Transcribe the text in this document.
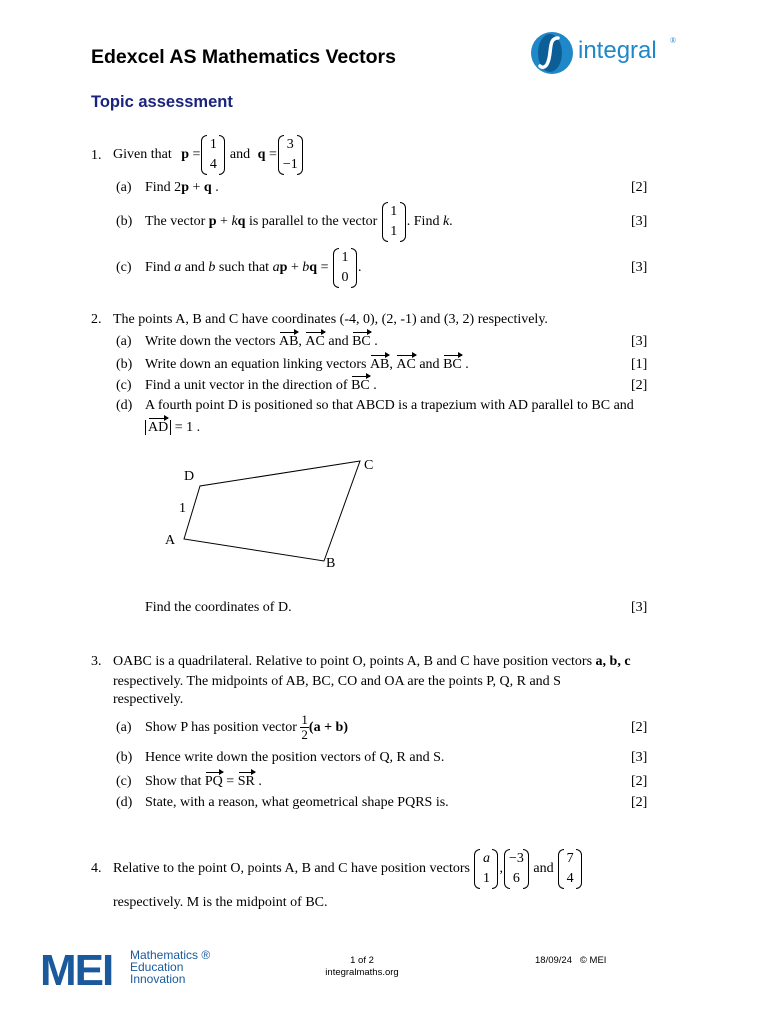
Edexcel AS Mathematics Vectors
Topic assessment
integral ®
1. Given that p =
1
4
and q =
3
−1
(a) Find 2p + q .	[2]
(b) The vector p + kq is parallel to the vector
1
1
. Find k.	[3]
(c) Find a and b such that ap + bq =
1
0
.	[3]
2. The points A, B and C have coordinates (-4, 0), (2, -1) and (3, 2) respectively.
(a) Write down the vectors AB, AC and BC .	[3]
(b) Write down an equation linking vectors AB, AC and BC .	[1]
(c) Find a unit vector in the direction of BC .	[2]
(d) A fourth point D is positioned so that ABCD is a trapezium with AD parallel to BC and
AD = 1 .
D
C
A
B
1
Find the coordinates of D.	[3]
3. OABC is a quadrilateral. Relative to point O, points A, B and C have position vectors a, b, c
respectively. The midpoints of AB, BC, CO and OA are the points P, Q, R and S
respectively.
(a) Show P has position vector $\frac{1}{2} (a + b)$	[2]
(b) Hence write down the position vectors of Q, R and S.	[3]
(c) Show that PQ = SR .	[2]
(d) State, with a reason, what geometrical shape PQRS is.	[2]
4. Relative to the point O, points A, B and C have position vectors
a
1
,
−3
6
and
7
4
respectively. M is the midpoint of BC.
MEI Mathematics ®
Education
Innovation
1 of 2
integralmaths.org
18/09/24 © MEI
